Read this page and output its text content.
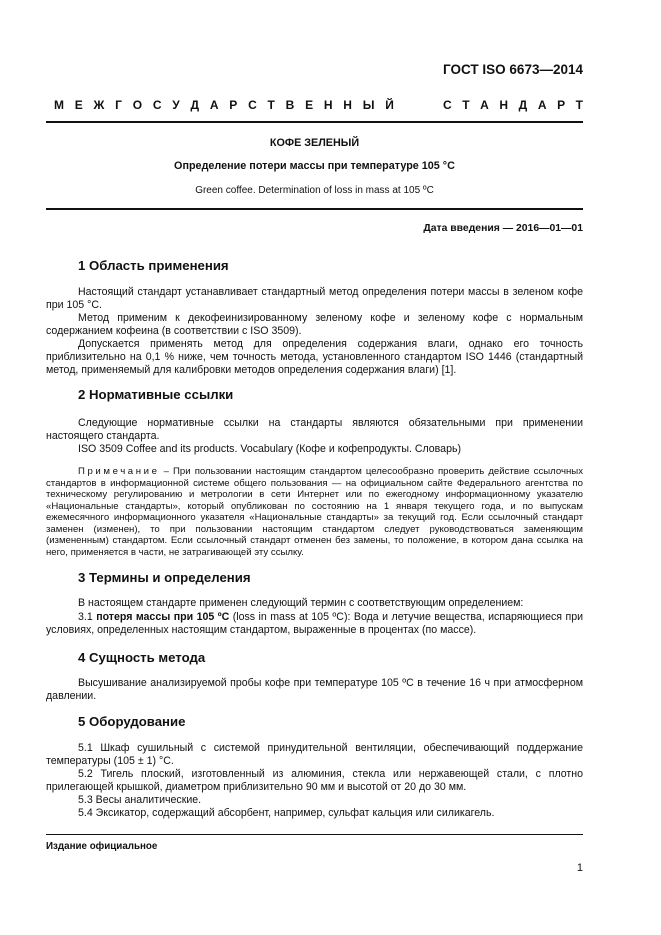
ГОСТ ISO 6673—2014
М Е Ж Г О С У Д А Р С Т В Е Н Н Ы Й	С Т А Н Д А Р Т
КОФЕ ЗЕЛЕНЫЙ
Определение потери массы при температуре 105 °С
Green coffee. Determination of loss in mass at 105 ºC
Дата введения — 2016—01—01
1 Область применения
Настоящий стандарт устанавливает стандартный метод определения потери массы в зеленом кофе при 105 °С.
Метод применим к декофеинизированному зеленому кофе и зеленому кофе с нормальным содержанием кофеина (в соответствии с ISO 3509).
Допускается применять метод для определения содержания влаги, однако его точность приблизительно на 0,1 % ниже, чем точность метода, установленного стандартом ISO 1446 (стандартный метод, применяемый для калибровки методов определения содержания влаги) [1].
2 Нормативные ссылки
Следующие нормативные ссылки на стандарты являются обязательными при применении настоящего стандарта.
ISO 3509 Coffee and its products. Vocabulary (Кофе и кофепродукты. Словарь)
Примечание – При пользовании настоящим стандартом целесообразно проверить действие ссылочных стандартов в информационной системе общего пользования — на официальном сайте Федерального агентства по техническому регулированию и метрологии в сети Интернет или по ежегодному информационному указателю «Национальные стандарты», который опубликован по состоянию на 1 января текущего года, и по выпускам ежемесячного информационного указателя «Национальные стандарты» за текущий год. Если ссылочный стандарт заменен (изменен), то при пользовании настоящим стандартом следует руководствоваться заменяющим (измененным) стандартом. Если ссылочный стандарт отменен без замены, то положение, в котором дана ссылка на него, применяется в части, не затрагивающей эту ссылку.
3 Термины и определения
В настоящем стандарте применен следующий термин с соответствующим определением:
3.1 потеря массы при 105 ºС (loss in mass at 105 ºС): Вода и летучие вещества, испаряющиеся при условиях, определенных настоящим стандартом, выраженные в процентах (по массе).
4 Сущность метода
Высушивание анализируемой пробы кофе при температуре 105 ºС в течение 16 ч при атмосферном давлении.
5 Оборудование
5.1 Шкаф сушильный с системой принудительной вентиляции, обеспечивающий поддержание температуры (105 ± 1) °С.
5.2 Тигель плоский, изготовленный из алюминия, стекла или нержавеющей стали, с плотно прилегающей крышкой, диаметром приблизительно 90 мм и высотой от 20 до 30 мм.
5.3 Весы аналитические.
5.4 Эксикатор, содержащий абсорбент, например, сульфат кальция или силикагель.
Издание официальное
1
